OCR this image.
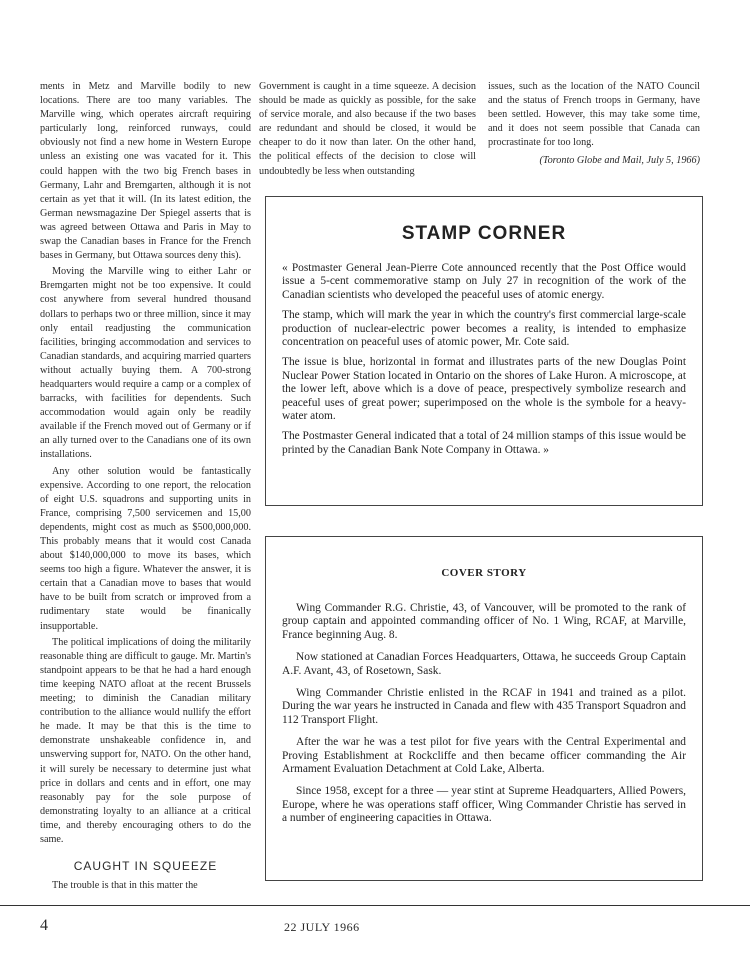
ments in Metz and Marville bodily to new locations. There are too many variables. The Marville wing, which operates aircraft requiring particularly long, reinforced runways, could obviously not find a new home in Western Europe unless an existing one was vacated for it. This could happen with the two big French bases in Germany, Lahr and Bremgarten, although it is not certain as yet that it will. (In its latest edition, the German newsmagazine Der Spiegel asserts that is was agreed between Ottawa and Paris in May to swap the Canadian bases in France for the French bases in Germany, but Ottawa sources deny this).

Moving the Marville wing to either Lahr or Bremgarten might not be too expensive. It could cost anywhere from several hundred thousand dollars to perhaps two or three million, since it may only entail readjusting the communication facilities, bringing accommodation and services to Canadian standards, and acquiring married quarters without actually buying them. A 700-strong headquarters would require a camp or a complex of barracks, with facilities for dependents. Such accommodation would again only be readily available if the French moved out of Germany or if an ally turned over to the Canadians one of its own installations.

Any other solution would be fantastically expensive. According to one report, the relocation of eight U.S. squadrons and supporting units in France, comprising 7,500 servicemen and 15,00 dependents, might cost as much as $500,000,000. This probably means that it would cost Canada about $140,000,000 to move its bases, which seems too high a figure. Whatever the answer, it is certain that a Canadian move to bases that would have to be built from scratch or improved from a rudimentary state would be finanically insupportable.

The political implications of doing the militarily reasonable thing are difficult to gauge. Mr. Martin's standpoint appears to be that he had a hard enough time keeping NATO afloat at the recent Brussels meeting; to diminish the Canadian military contribution to the alliance would nullify the effort he made. It may be that this is the time to demonstrate unshakeable confidence in, and unswerving support for, NATO. On the other hand, it will surely be necessary to determine just what price in dollars and cents and in effort, one may reasonably pay for the sole purpose of demonstrating loyalty to an alliance at a critical time, and thereby encouraging others to do the same.

CAUGHT IN SQUEEZE

The trouble is that in this matter the

Government is caught in a time squeeze. A decision should be made as quickly as possible, for the sake of service morale, and also because if the two bases are redundant and should be closed, it would be cheaper to do it now than later. On the other hand, the political effects of the decision to close will undoubtedly be less when outstanding

issues, such as the location of the NATO Council and the status of French troops in Germany, have been settled. However, this may take some time, and it does not seem possible that Canada can procrastinate for too long.

(Toronto Globe and Mail, July 5, 1966)

STAMP CORNER

« Postmaster General Jean-Pierre Cote announced recently that the Post Office would issue a 5-cent commemorative stamp on July 27 in recognition of the work of the Canadian scientists who developed the peaceful uses of atomic energy.

The stamp, which will mark the year in which the country's first commercial large-scale production of nuclear-electric power becomes a reality, is intended to emphasize concentration on peaceful uses of atomic power, Mr. Cote said.

The issue is blue, horizontal in format and illustrates parts of the new Douglas Point Nuclear Power Station located in Ontario on the shores of Lake Huron. A microscope, at the lower left, above which is a dove of peace, prespectively symbolize research and peaceful uses of great power; superimposed on the whole is the symbole for a heavy-water atom.

The Postmaster General indicated that a total of 24 million stamps of this issue would be printed by the Canadian Bank Note Company in Ottawa. »

COVER STORY

Wing Commander R.G. Christie, 43, of Vancouver, will be promoted to the rank of group captain and appointed commanding officer of No. 1 Wing, RCAF, at Marville, France beginning Aug. 8.

Now stationed at Canadian Forces Headquarters, Ottawa, he succeeds Group Captain A.F. Avant, 43, of Rosetown, Sask.

Wing Commander Christie enlisted in the RCAF in 1941 and trained as a pilot. During the war years he instructed in Canada and flew with 435 Transport Squadron and 112 Transport Flight.

After the war he was a test pilot for five years with the Central Experimental and Proving Establishment at Rockcliffe and then became officer commanding the Air Armament Evaluation Detachment at Cold Lake, Alberta.

Since 1958, except for a three — year stint at Supreme Headquarters, Allied Powers, Europe, where he was operations staff officer, Wing Commander Christie has served in a number of engineering capacities in Ottawa.

4	22 JULY 1966
